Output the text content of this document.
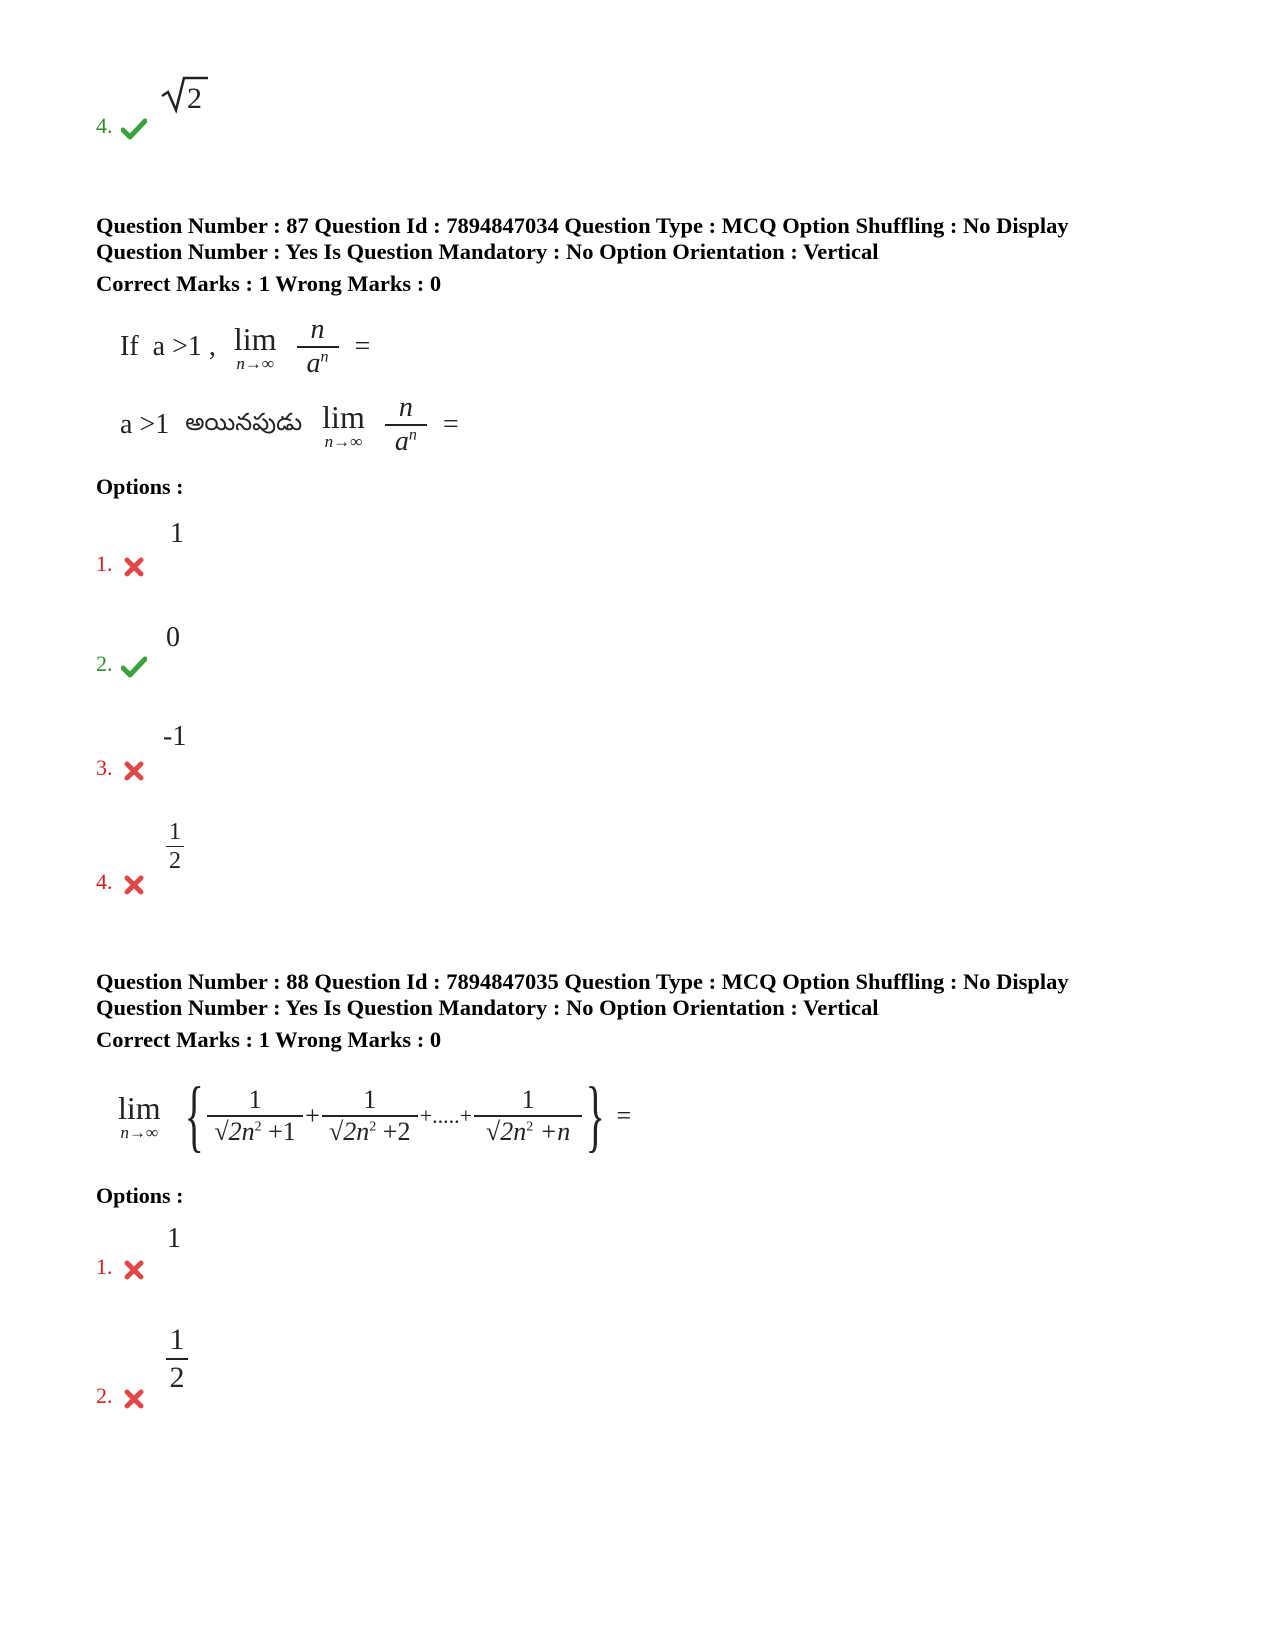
2
4.
Question Number : 87 Question Id : 7894847034 Question Type : MCQ Option Shuffling : No Display
Question Number : Yes Is Question Mandatory : No Option Orientation : Vertical
Correct Marks : 1 Wrong Marks : 0
If  a >1 , lim
$n\to\infty \frac{n}{a^n}$ =
a >1 అయినపుడు lim
$n\to\infty \frac{n}{a^n}$ =
Options :
1
1.
0
2.
-1
3.
1
2
4.
Question Number : 88 Question Id : 7894847035 Question Type : MCQ Option Shuffling : No Display
Question Number : Yes Is Question Mandatory : No Option Orientation : Vertical
Correct Marks : 1 Wrong Marks : 0
lim
n→∞ { $\frac{1}{√2n^2 +1} + \frac{1}{√2n^2 +2}$ +.....+ $\frac{1}{√2n^2 +n}$ } =
Options :
1
1.
1
2
2.
